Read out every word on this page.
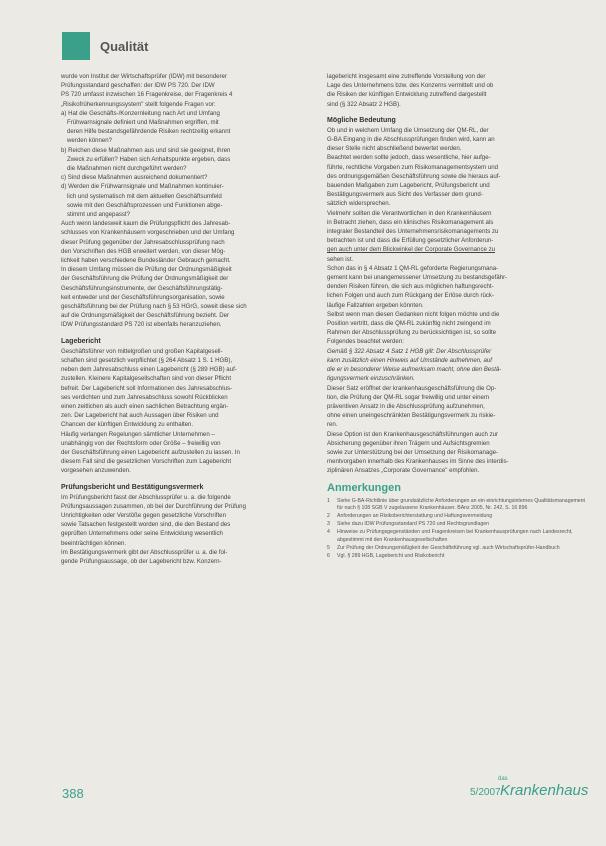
Qualität

wurde von Institut der Wirtschaftsprüfer (IDW) mit besonderer

Prüfungsstandard geschaffen: der IDW PS 720. Der IDW

PS 720 umfasst inzwischen 16 Fragenkreise, der Fragenkreis 4

„Risikofrüherkennungssystem" stellt folgende Fragen vor:

a) Hat die Geschäfts-/Konzernleitung nach Art und Umfang

Frühwarnsignale definiert und Maßnahmen ergriffen, mit

deren Hilfe bestandsgefährdende Risiken rechtzeitig erkannt

werden können?

b) Reichen diese Maßnahmen aus und sind sie geeignet, ihren

Zweck zu erfüllen? Haben sich Anhaltspunkte ergeben, dass

die Maßnahmen nicht durchgeführt werden?

c) Sind diese Maßnahmen ausreichend dokumentiert?

d) Werden die Frühwarnsignale und Maßnahmen kontinuier-

lich und systematisch mit dem aktuellen Geschäftsumfeld

sowie mit den Geschäftsprozessen und Funktionen abge-

stimmt und angepasst?

Auch wenn landesweit kaum die Prüfungspflicht des Jahresab-

schlusses von Krankenhäusern vorgeschrieben und der Umfang

dieser Prüfung gegenüber der Jahresabschlussprüfung nach

den Vorschriften des HGB erweitert werden, von dieser Mög-

lichkeit haben verschiedene Bundesländer Gebrauch gemacht.

In diesem Umfang müssen die Prüfung der Ordnungsmäßigkeit

der Geschäftsführung die Prüfung der Ordnungsmäßigkeit der

Geschäftsführungsinstrumente, der Geschäftsführungstätig-

keit entweder und der Geschäftsführungsorganisation, sowie

geschäftsführung bei der Prüfung nach § 53 HGrG, soweit diese sich

auf die Ordnungsmäßigkeit der Geschäftsführung bezieht. Der

IDW Prüfungsstandard PS 720 ist ebenfalls heranzuziehen.

Lagebericht

Geschäftsführer von mittelgroßen und großen Kapitalgesell-

schaften sind gesetzlich verpflichtet (§ 264 Absatz 1 S. 1 HGB),

neben dem Jahresabschluss einen Lagebericht (§ 289 HGB) auf-

zustellen. Kleinere Kapitalgesellschaften sind von dieser Pflicht

befreit. Der Lagebericht soll Informationen des Jahresabschlus-

ses verdichten und zum Jahresabschluss sowohl Rückblicken

einen zeitlichen als auch einen sachlichen Betrachtung ergän-

zen. Der Lagebericht hat auch Aussagen über Risiken und

Chancen der künftigen Entwicklung zu enthalten.

Häufig verlangen Regelungen sämtlicher Unternehmen –

unabhängig von der Rechtsform oder Größe – freiwillig von

der Geschäftsführung einen Lagebericht aufzustellen zu lassen. In

diesem Fall sind die gesetzlichen Vorschriften zum Lagebericht

vorgesehen anzuwenden.

Prüfungsbericht und Bestätigungsvermerk

Im Prüfungsbericht fasst der Abschlussprüfer u. a. die folgende

Prüfungsaussagen zusammen, ob bei der Durchführung der Prüfung

Unrichtigkeiten oder Verstöße gegen gesetzliche Vorschriften

sowie Tatsachen festgestellt worden sind, die den Bestand des

geprüften Unternehmens oder seine Entwicklung wesentlich

beeinträchtigen können.

Im Bestätigungsvermerk gibt der Abschlussprüfer u. a. die fol-

gende Prüfungsaussage, ob der Lagebericht bzw. Konzern-

lagebericht insgesamt eine zutreffende Vorstellung von der

Lage des Unternehmens bzw. des Konzerns vermittelt und ob

die Risiken der künftigen Entwicklung zutreffend dargestellt

sind (§ 322 Absatz 2 HGB).

Mögliche Bedeutung

Ob und in welchem Umfang die Umsetzung der QM-RL, der

G-BA Eingang in die Abschlussprüfungen finden wird, kann an

dieser Stelle nicht abschließend bewertet werden.

Beachtet werden sollte jedoch, dass wesentliche, hier aufge-

führte, rechtliche Vorgaben zum Risikomanagementsystem und

des ordnungsgemäßen Geschäftsführung sowie die hieraus auf-

bauenden Maßgaben zum Lagebericht, Prüfungsbericht und

Bestätigungsvermerk aus Sicht des Verfasser dem grund-

sätzlich widersprechen.

Vielmehr sollten die Verantwortlichen in den Krankenhäusern

in Betracht ziehen, dass ein klinisches Risikomanagement als

integraler Bestandteil des Unternehmensrisikomanagements zu

betrachten ist und dass die Erfüllung gesetzlicher Anforderun-

gen auch unter dem Blickwinkel der Corporate Governance zu

sehen ist.

Schon das in § 4 Absatz 1 QM-RL geforderte Regierungsmana-

gement kann bei unangemessener Umsetzung zu bestandsgefähr-

denden Risiken führen, die sich aus möglichen haftungsrecht-

lichen Folgen und auch zum Rückgang der Erlöse durch rück-

läufige Fallzahlen ergeben könnten.

Selbst wenn man diesen Gedanken nicht folgen möchte und die

Position vertritt, dass die QM-RL zukünftig nicht zwingend im

Rahmen der Abschlussprüfung zu berücksichtigen ist, so sollte

Folgendes beachtet werden:

Gemäß § 322 Absatz 4 Satz 1 HGB gilt: Der Abschlussprüfer

kann zusätzlich einen Hinweis auf Umstände aufnehmen, auf

die er in besonderer Weise aufmerksam macht, ohne den Bestä-

tigungsvermerk einzuschränken.

Dieser Satz eröffnet der krankenhausgeschäftsführung die Op-

tion, die Prüfung der QM-RL sogar freiwillig und unter einem

präventiven Ansatz in die Abschlussprüfung aufzunehmen,

ohne einen uneingeschränkten Bestätigungsvermerk zu riskie-

ren.

Diese Option ist den Krankenhausgeschäftsführungen auch zur

Absicherung gegenüber ihren Trägern und Aufsichtsgremien

sowie zur Unterstützung bei der Umsetzung der Risikomanage-

mentvorgaben innerhalb des Krankenhauses im Sinne des interdis-

ziplinären Ansatzes „Corporate Governance" empfohlen.

Anmerkungen
1	Siehe G-BA-Richtlinie über grundsätzliche Anforderungen an ein einrichtungsinternes Qualitätsmanagement für nach § 108 SGB V zugelassene Krankenhäuser. BAnz 2005, Nr. 242, S. 16 896
2	Anforderungen an Risikoberichterstattung und Haftungsvermeidung
3	Siehe dazu IDW Prüfungsstandard PS 720 und Rechtsgrundlagen
4	Hinweise zu Prüfungsgegenständen und Fragenkreisen bei Krankenhausprüfungen nach Landesrecht, abgestimmt mit den Krankenhausgesellschaften
5	Zur Prüfung der Ordnungsmäßigkeit der Geschäftsführung vgl. auch Wirtschaftsprüfer-Handbuch
6	Vgl. § 289 HGB, Lagebericht und Risikobericht
388	5/2007
das
Krankenhaus
